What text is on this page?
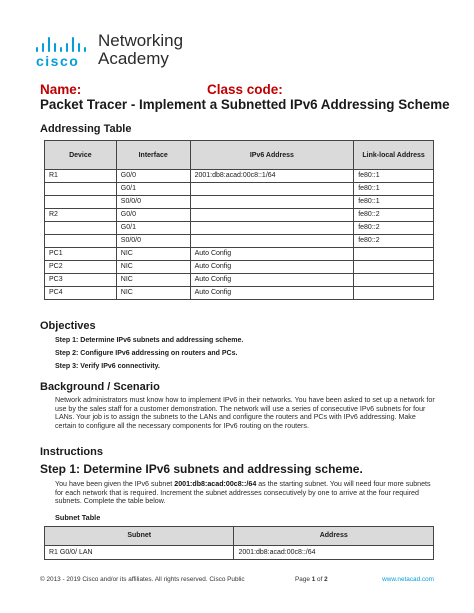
cisco
Networking
Academy
Name:	Class code:
Packet Tracer - Implement a Subnetted IPv6 Addressing Scheme
Addressing Table
Device	Interface	IPv6 Address	Link-local Address
R1	G0/0	2001:db8:acad:00c8::1/64	fe80::1
	G0/1		fe80::1
	S0/0/0		fe80::1
R2	G0/0		fe80::2
	G0/1		fe80::2
	S0/0/0		fe80::2
PC1	NIC	Auto Config	
PC2	NIC	Auto Config	
PC3	NIC	Auto Config	
PC4	NIC	Auto Config	
Objectives
Step 1: Determine IPv6 subnets and addressing scheme.
Step 2: Configure IPv6 addressing on routers and PCs.
Step 3: Verify IPv6 connectivity.
Background / Scenario
Network administrators must know how to implement IPv6 in their networks. You have been asked to set up a network for use by the sales staff for a customer demonstration. The network will use a series of consecutive IPv6 subnets for four LANs. Your job is to assign the subnets to the LANs and configure the routers and PCs with IPv6 addressing. Make certain to configure all the necessary components for IPv6 routing on the routers.
Instructions
Step 1: Determine IPv6 subnets and addressing scheme.
You have been given the IPv6 subnet 2001:db8:acad:00c8::/64 as the starting subnet. You will need four more subnets for each network that is required. Increment the subnet addresses consecutively by one to arrive at the four required subnets. Complete the table below.
Subnet Table
Subnet	Address
R1 G0/0/ LAN	2001:db8:acad:00c8::/64
© 2013 - 2019 Cisco and/or its affiliates. All rights reserved. Cisco Public	Page 1 of 2	www.netacad.com
